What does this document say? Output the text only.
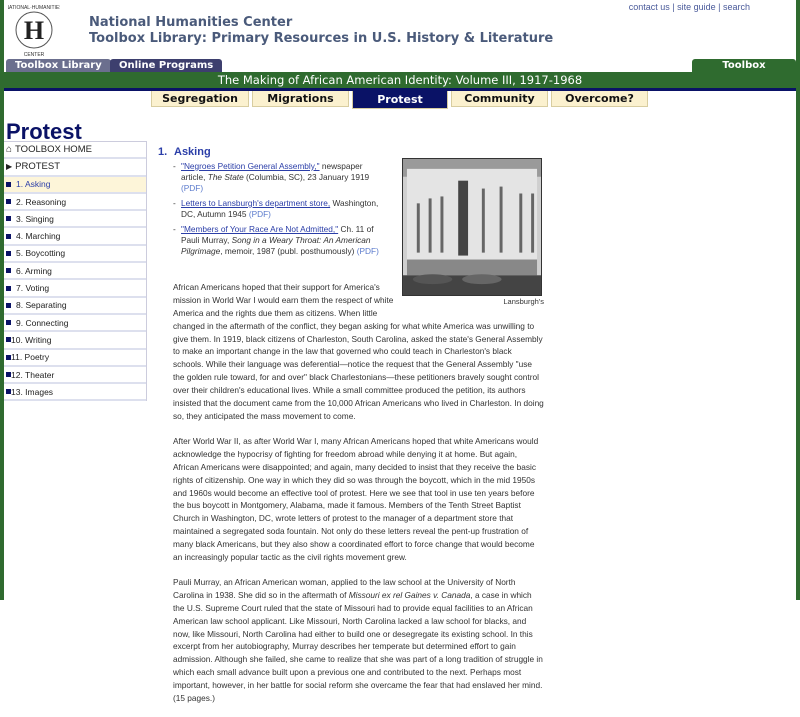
H
NATIONAL·HUMANITIES
CENTER
National Humanities Center
Toolbox Library: Primary Resources in U.S. History & Literature
contact us | site guide | search
Toolbox Library	Online Programs	Toolbox
The Making of African American Identity: Volume III, 1917-1968
Segregation	Migrations	Protest	Community	Overcome?
Protest
⌂ TOOLBOX HOME
▶ PROTEST
1. Asking
2. Reasoning
3. Singing
4. Marching
5. Boycotting
6. Arming
7. Voting
8. Separating
9. Connecting
10. Writing
11. Poetry
12. Theater
13. Images
1. Asking
Lansburgh's
- "Negroes Petition General Assembly," newspaper article, The State (Columbia, SC), 23 January 1919 (PDF)
- Letters to Lansburgh's department store, Washington, DC, Autumn 1945 (PDF)
- "Members of Your Race Are Not Admitted," Ch. 11 of Pauli Murray, Song in a Weary Throat: An American Pilgrimage, memoir, 1987 (publ. posthumously) (PDF)

African Americans hoped that their support for America's mission in World War I would earn them the respect of white America and the rights due them as citizens. When little changed in the aftermath of the conflict, they began asking for what white America was unwilling to give them. In 1919, black citizens of Charleston, South Carolina, asked the state's General Assembly to make an important change in the law that governed who could teach in Charleston's black schools. While their language was deferential—notice the request that the General Assembly "use the golden rule toward, for and over" black Charlestonians—these petitioners bravely sought control over their children's educational lives. While a small committee produced the petition, its authors insisted that the document came from the 10,000 African Americans who lived in Charleston. In doing so, they anticipated the mass movement to come.

After World War II, as after World War I, many African Americans hoped that white Americans would acknowledge the hypocrisy of fighting for freedom abroad while denying it at home. But again, African Americans were disappointed; and again, many decided to insist that they receive the basic rights of citizenship. One way in which they did so was through the boycott, which in the mid 1950s and 1960s would become an effective tool of protest. Here we see that tool in use ten years before the bus boycott in Montgomery, Alabama, made it famous. Members of the Tenth Street Baptist Church in Washington, DC, wrote letters of protest to the manager of a department store that maintained a segregated soda fountain. Not only do these letters reveal the pent-up frustration of many black Americans, but they also show a coordinated effort to force change that would become an increasingly popular tactic as the civil rights movement grew.

Pauli Murray, an African American woman, applied to the law school at the University of North Carolina in 1938. She did so in the aftermath of Missouri ex rel Gaines v. Canada, a case in which the U.S. Supreme Court ruled that the state of Missouri had to provide equal facilities to an African American law school applicant. Like Missouri, North Carolina lacked a law school for blacks, and now, like Missouri, North Carolina had either to build one or desegregate its existing school. In this excerpt from her autobiography, Murray describes her temperate but determined effort to gain admission. Although she failed, she came to realize that she was part of a long tradition of struggle in which each small advance built upon a previous one and contributed to the next. Perhaps most important, however, in her battle for social reform she overcame the fear that had enslaved her mind. (15 pages.)
